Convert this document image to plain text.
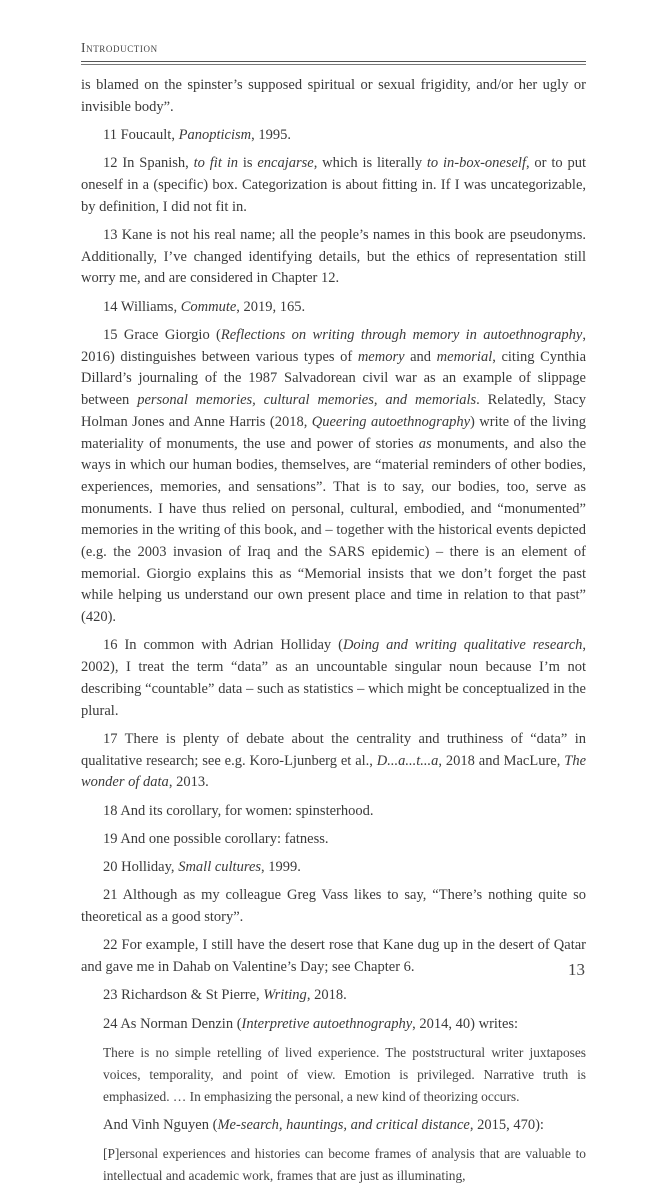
Introduction

is blamed on the spinster’s supposed spiritual or sexual frigidity, and/or her ugly or invisible body”.

11 Foucault, Panopticism, 1995.

12 In Spanish, to fit in is encajarse, which is literally to in-box-oneself, or to put oneself in a (specific) box. Categorization is about fitting in. If I was uncategorizable, by definition, I did not fit in.

13 Kane is not his real name; all the people’s names in this book are pseudonyms. Additionally, I’ve changed identifying details, but the ethics of representation still worry me, and are considered in Chapter 12.

14 Williams, Commute, 2019, 165.

15 Grace Giorgio (Reflections on writing through memory in autoethnography, 2016) distinguishes between various types of memory and memorial, citing Cynthia Dillard’s journaling of the 1987 Salvadorean civil war as an example of slippage between personal memories, cultural memories, and memorials. Relatedly, Stacy Holman Jones and Anne Harris (2018, Queering autoethnography) write of the living materiality of monuments, the use and power of stories as monuments, and also the ways in which our human bodies, themselves, are “material reminders of other bodies, experiences, memories, and sensations”. That is to say, our bodies, too, serve as monuments. I have thus relied on personal, cultural, embodied, and “monumented” memories in the writing of this book, and – together with the historical events depicted (e.g. the 2003 invasion of Iraq and the SARS epidemic) – there is an element of memorial. Giorgio explains this as “Memorial insists that we don’t forget the past while helping us understand our own present place and time in relation to that past” (420).

16 In common with Adrian Holliday (Doing and writing qualitative research, 2002), I treat the term “data” as an uncountable singular noun because I’m not describing “countable” data – such as statistics – which might be conceptualized in the plural.

17 There is plenty of debate about the centrality and truthiness of “data” in qualitative research; see e.g. Koro-Ljunberg et al., D...a...t...a, 2018 and MacLure, The wonder of data, 2013.

18 And its corollary, for women: spinsterhood.

19 And one possible corollary: fatness.

20 Holliday, Small cultures, 1999.

21 Although as my colleague Greg Vass likes to say, “There’s nothing quite so theoretical as a good story”.

22 For example, I still have the desert rose that Kane dug up in the desert of Qatar and gave me in Dahab on Valentine’s Day; see Chapter 6.

23 Richardson & St Pierre, Writing, 2018.

24 As Norman Denzin (Interpretive autoethnography, 2014, 40) writes:

There is no simple retelling of lived experience. The poststructural writer juxtaposes voices, temporality, and point of view. Emotion is privileged. Narrative truth is emphasized. … In emphasizing the personal, a new kind of theorizing occurs.

And Vinh Nguyen (Me-search, hauntings, and critical distance, 2015, 470):

[P]ersonal experiences and histories can become frames of analysis that are valuable to intellectual and academic work, frames that are just as illuminating,
13
